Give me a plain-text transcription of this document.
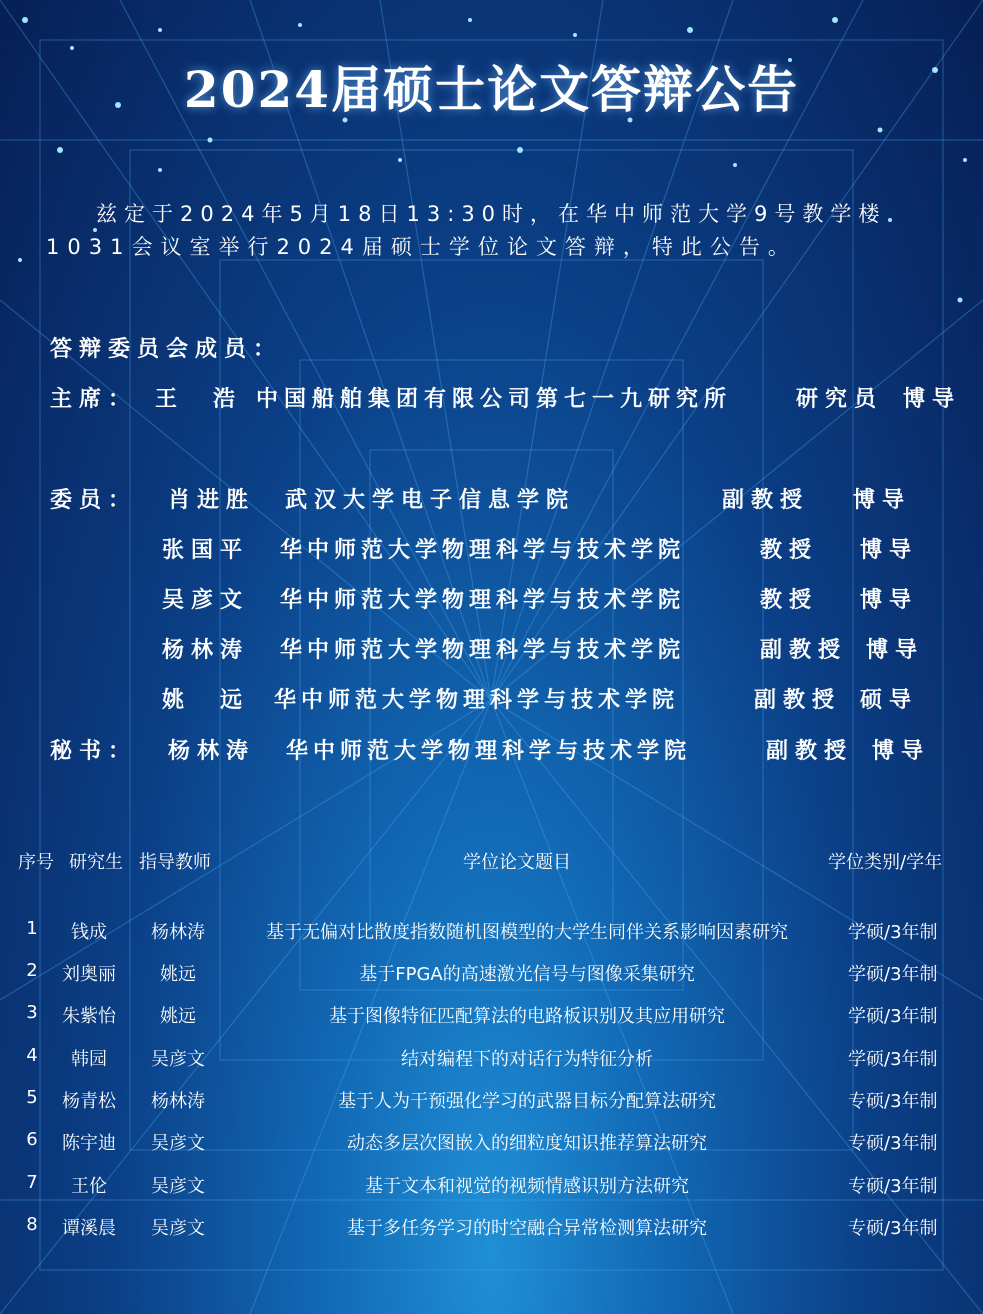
2024届硕士论文答辩公告
兹定于2024年5月18日13:30时，在华中师范大学9号教学楼
1031会议室举行2024届硕士学位论文答辩，特此公告。
答辩委员会成员：
主席： 王　浩 中国船舶集团有限公司第七一九研究所	研究员 博导
委员： 肖进胜 武汉大学电子信息学院	副教授 博导
张国平 华中师范大学物理科学与技术学院	教授 博导
吴彦文 华中师范大学物理科学与技术学院	教授 博导
杨林涛 华中师范大学物理科学与技术学院	副教授 博导
姚　远 华中师范大学物理科学与技术学院	副教授 硕导
秘书： 杨林涛 华中师范大学物理科学与技术学院	副教授 博导
序号 研究生 指导教师	学位论文题目	学位类别/学年
1	钱成	杨林涛	基于无偏对比散度指数随机图模型的大学生同伴关系影响因素研究	学硕/3年制
2	刘奥丽	姚远	基于FPGA的高速激光信号与图像采集研究	学硕/3年制
3	朱紫怡	姚远	基于图像特征匹配算法的电路板识别及其应用研究	学硕/3年制
4	韩园	吴彦文	结对编程下的对话行为特征分析	学硕/3年制
5	杨青松	杨林涛	基于人为干预强化学习的武器目标分配算法研究	专硕/3年制
6	陈宇迪	吴彦文	动态多层次图嵌入的细粒度知识推荐算法研究	专硕/3年制
7	王伦	吴彦文	基于文本和视觉的视频情感识别方法研究	专硕/3年制
8	谭溪晨	吴彦文	基于多任务学习的时空融合异常检测算法研究	专硕/3年制
